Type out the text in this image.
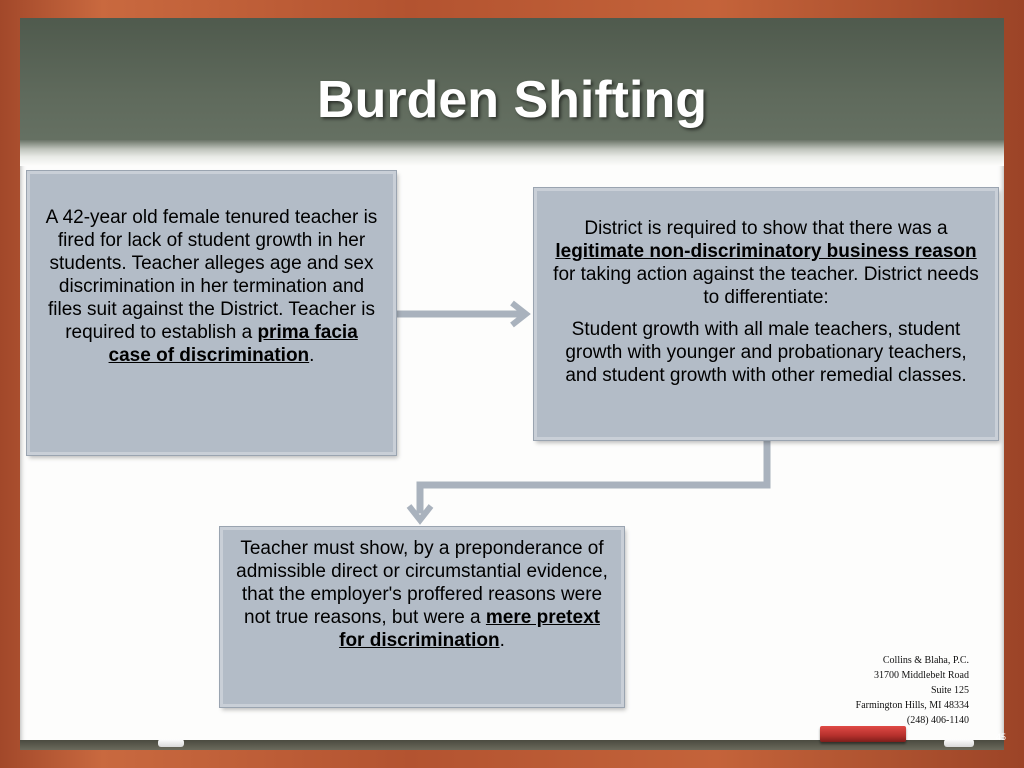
Burden Shifting

A 42-year old female tenured teacher is fired for lack of student growth in her students. Teacher alleges age and sex discrimination in her termination and files suit against the District. Teacher is required to establish a prima facia case of discrimination.

District is required to show that there was a legitimate non-discriminatory business reason for taking action against the teacher. District needs to differentiate:

Student growth with all male teachers, student growth with younger and probationary teachers, and student growth with other remedial classes.

Teacher must show, by a preponderance of admissible direct or circumstantial evidence, that the employer's proffered reasons were not true reasons, but were a mere pretext for discrimination.

Collins & Blaha, P.C.
31700 Middlebelt Road
Suite 125
Farmington Hills, MI 48334
(248) 406-1140
45
